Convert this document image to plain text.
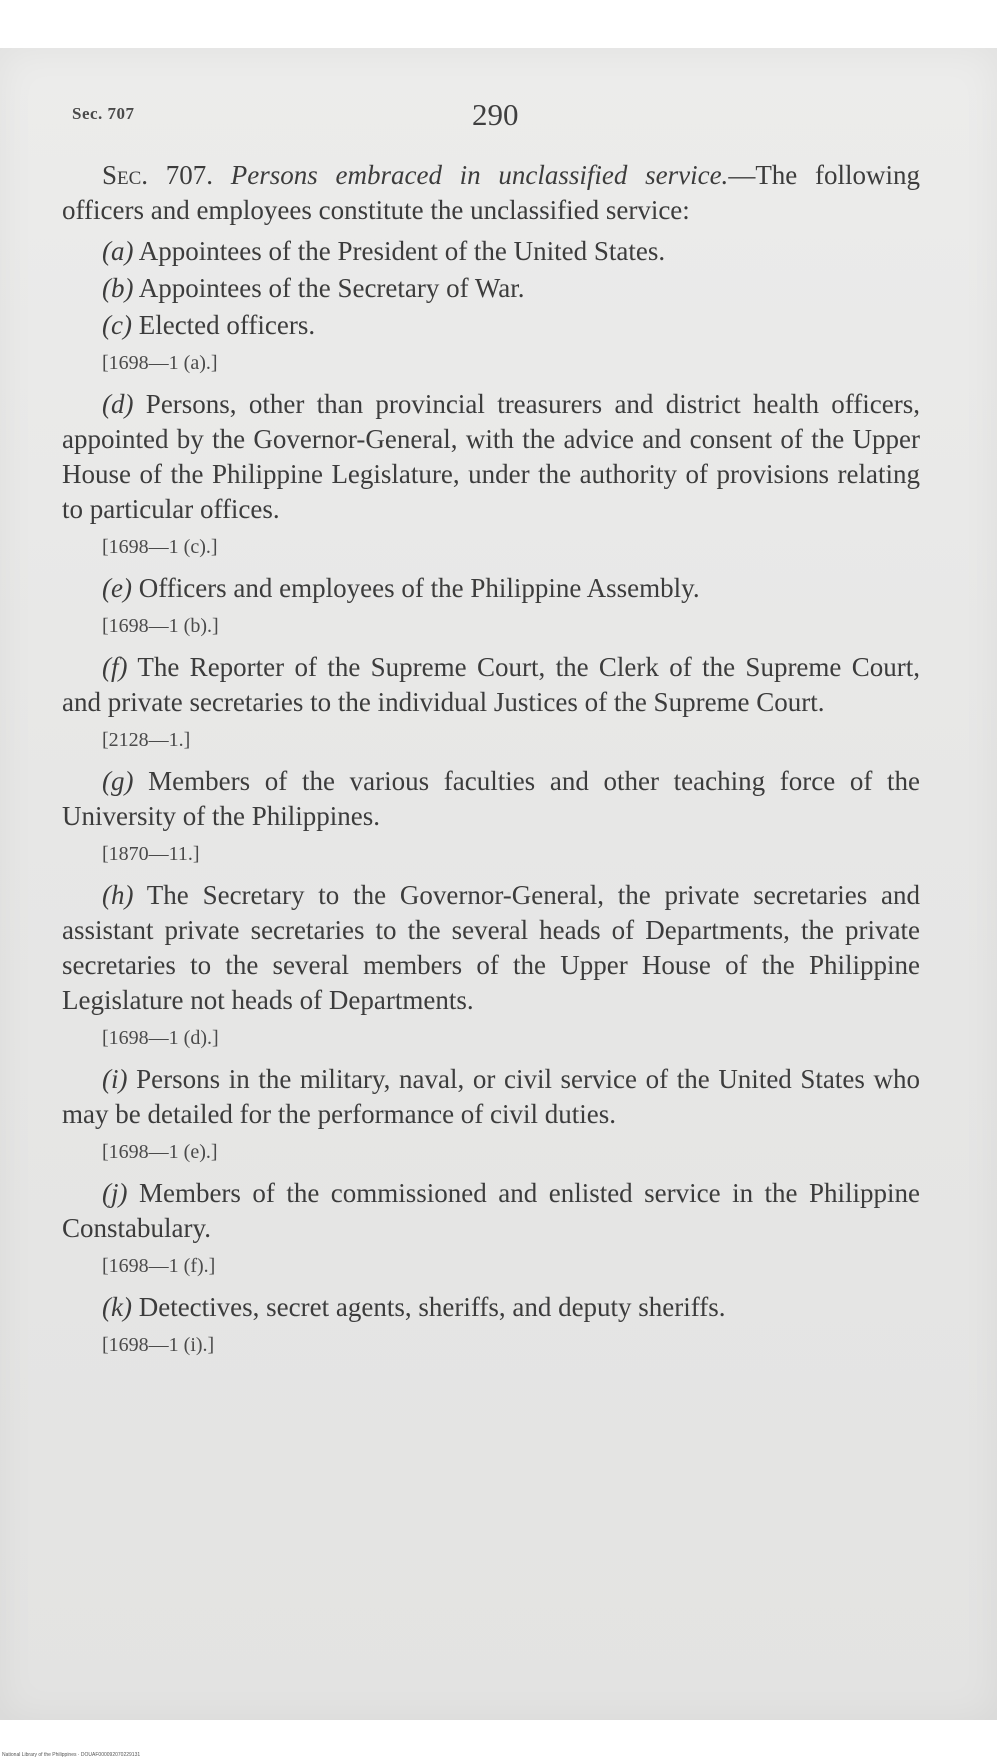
Sec. 707	290

Sec. 707. Persons embraced in unclassified service.—The following officers and employees constitute the unclassified service:

(a) Appointees of the President of the United States.

(b) Appointees of the Secretary of War.

(c) Elected officers.

[1698—1 (a).]

(d) Persons, other than provincial treasurers and district health officers, appointed by the Governor-General, with the advice and consent of the Upper House of the Philippine Legislature, under the authority of provisions relating to particular offices.

[1698—1 (c).]

(e) Officers and employees of the Philippine Assembly.

[1698—1 (b).]

(f) The Reporter of the Supreme Court, the Clerk of the Supreme Court, and private secretaries to the individual Justices of the Supreme Court.

[2128—1.]

(g) Members of the various faculties and other teaching force of the University of the Philippines.

[1870—11.]

(h) The Secretary to the Governor-General, the private secretaries and assistant private secretaries to the several heads of Departments, the private secretaries to the several members of the Upper House of the Philippine Legislature not heads of Departments.

[1698—1 (d).]

(i) Persons in the military, naval, or civil service of the United States who may be detailed for the performance of civil duties.

[1698—1 (e).]

(j) Members of the commissioned and enlisted service in the Philippine Constabulary.

[1698—1 (f).]

(k) Detectives, secret agents, sheriffs, and deputy sheriffs.

[1698—1 (i).]

National Library of the Philippines · DOUAF000092070229131
